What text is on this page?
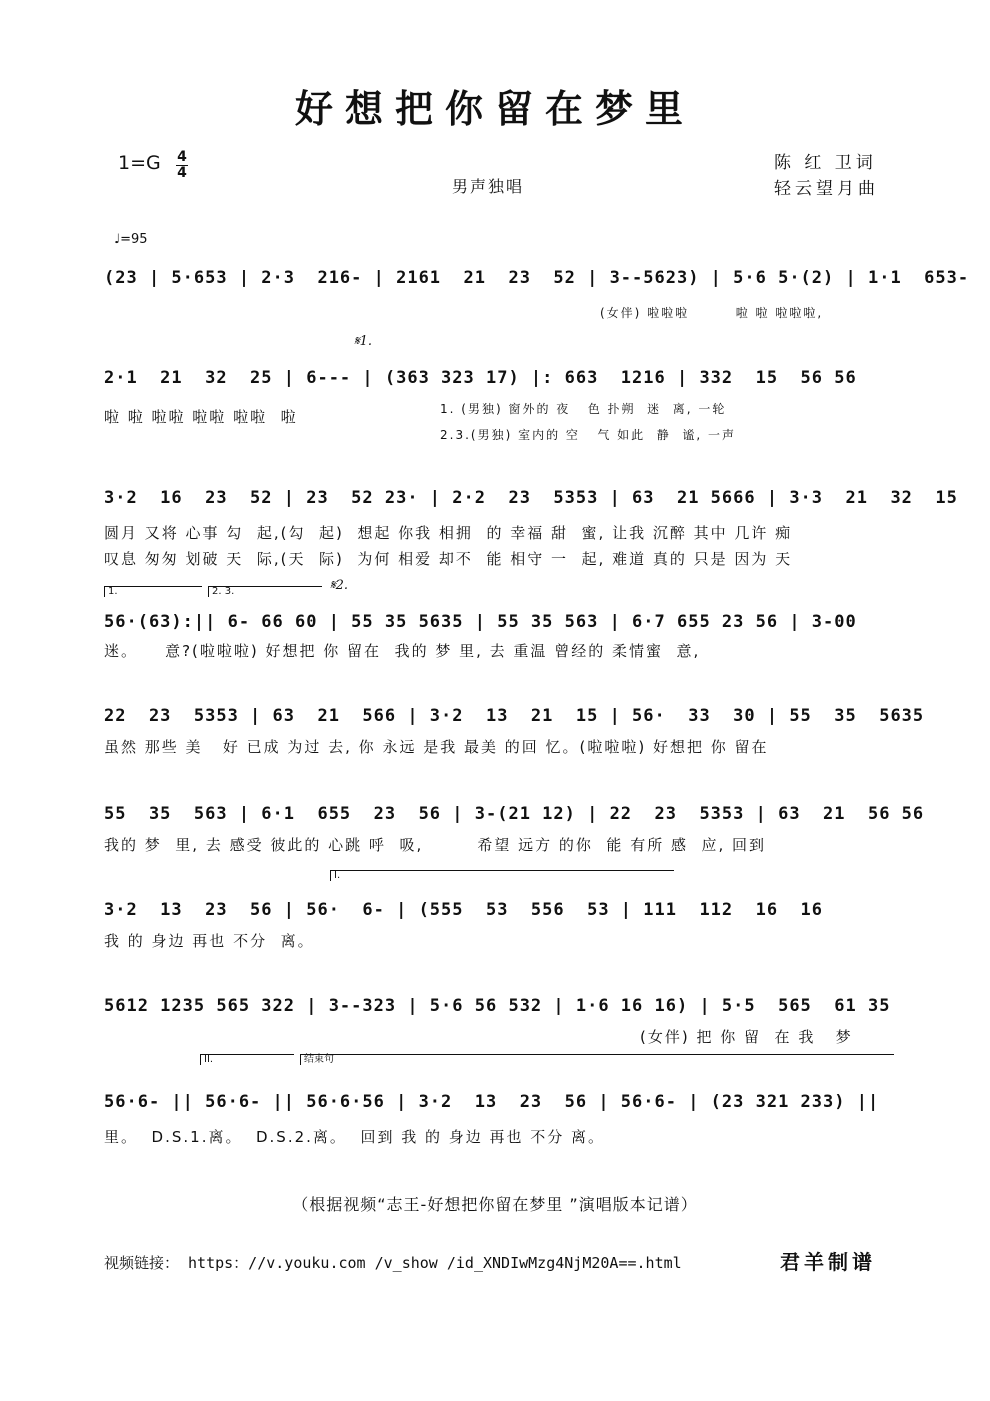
好想把你留在梦里
1=G 4
4
男声独唱
陈 红 卫词
轻云望月曲
♩=95
(23 | 5·653 | 2·3  216- | 2161  21  23  52 | 3--5623) | 5·6 5·(2) | 1·1  653-
(女伴) 啦啦啦        啦 啦 啦啦啦,
𝄋1.
2·1  21  32  25 | 6--- | (363 323 17) |: 663  1216 | 332  15  56 56
啦 啦 啦啦 啦啦 啦啦  啦	1. (男独) 窗外的 夜   色 扑朔  迷  离, 一轮
2.3.(男独) 室内的 空   气 如此  静  谧, 一声
3·2  16  23  52 | 23  52 23· | 2·2  23  5353 | 63  21 5666 | 3·3  21  32  15
圆月 又将 心事 勾  起,(勾  起)  想起 你我 相拥  的 幸福 甜  蜜, 让我 沉醉 其中 几许 痴
叹息 匆匆 划破 天  际,(天  际)  为何 相爱 却不  能 相守 一  起, 难道 真的 只是 因为 天
1.	2. 3.	𝄋2.
56·(63):|| 6- 66 60 | 55 35 5635 | 55 35 563 | 6·7 655 23 56 | 3-00
迷。    意?(啦啦啦) 好想把 你 留在  我的 梦 里, 去 重温 曾经的 柔情蜜  意,
22  23  5353 | 63  21  566 | 3·2  13  21  15 | 56·  33  30 | 55  35  5635
虽然 那些 美   好 已成 为过 去, 你 永远 是我 最美 的回 忆。(啦啦啦) 好想把 你 留在
55  35  563 | 6·1  655  23  56 | 3-(21 12) | 22  23  5353 | 63  21  56 56
我的 梦  里, 去 感受 彼此的 心跳 呼  吸,        希望 远方 的你  能 有所 感  应, 回到
I.
3·2  13  23  56 | 56·  6- | (555  53  556  53 | 111  112  16  16
我 的 身边 再也 不分  离。
5612 1235 565 322 | 3--323 | 5·6 56 532 | 1·6 16 16) | 5·5  565  61 35
(女伴) 把 你 留  在 我   梦
II.	结束句
56·6- || 56·6- || 56·6·56 | 3·2  13  23  56 | 56·6- | (23 321 233) ||
里。  D.S.1.离。  D.S.2.离。  回到 我 的 身边 再也 不分 离。
（根据视频“志王-好想把你留在梦里 ”演唱版本记谱）
视频链接： https：//v.youku.com /v_show /id_XNDIwMzg4NjM20A==.html	君羊制谱
